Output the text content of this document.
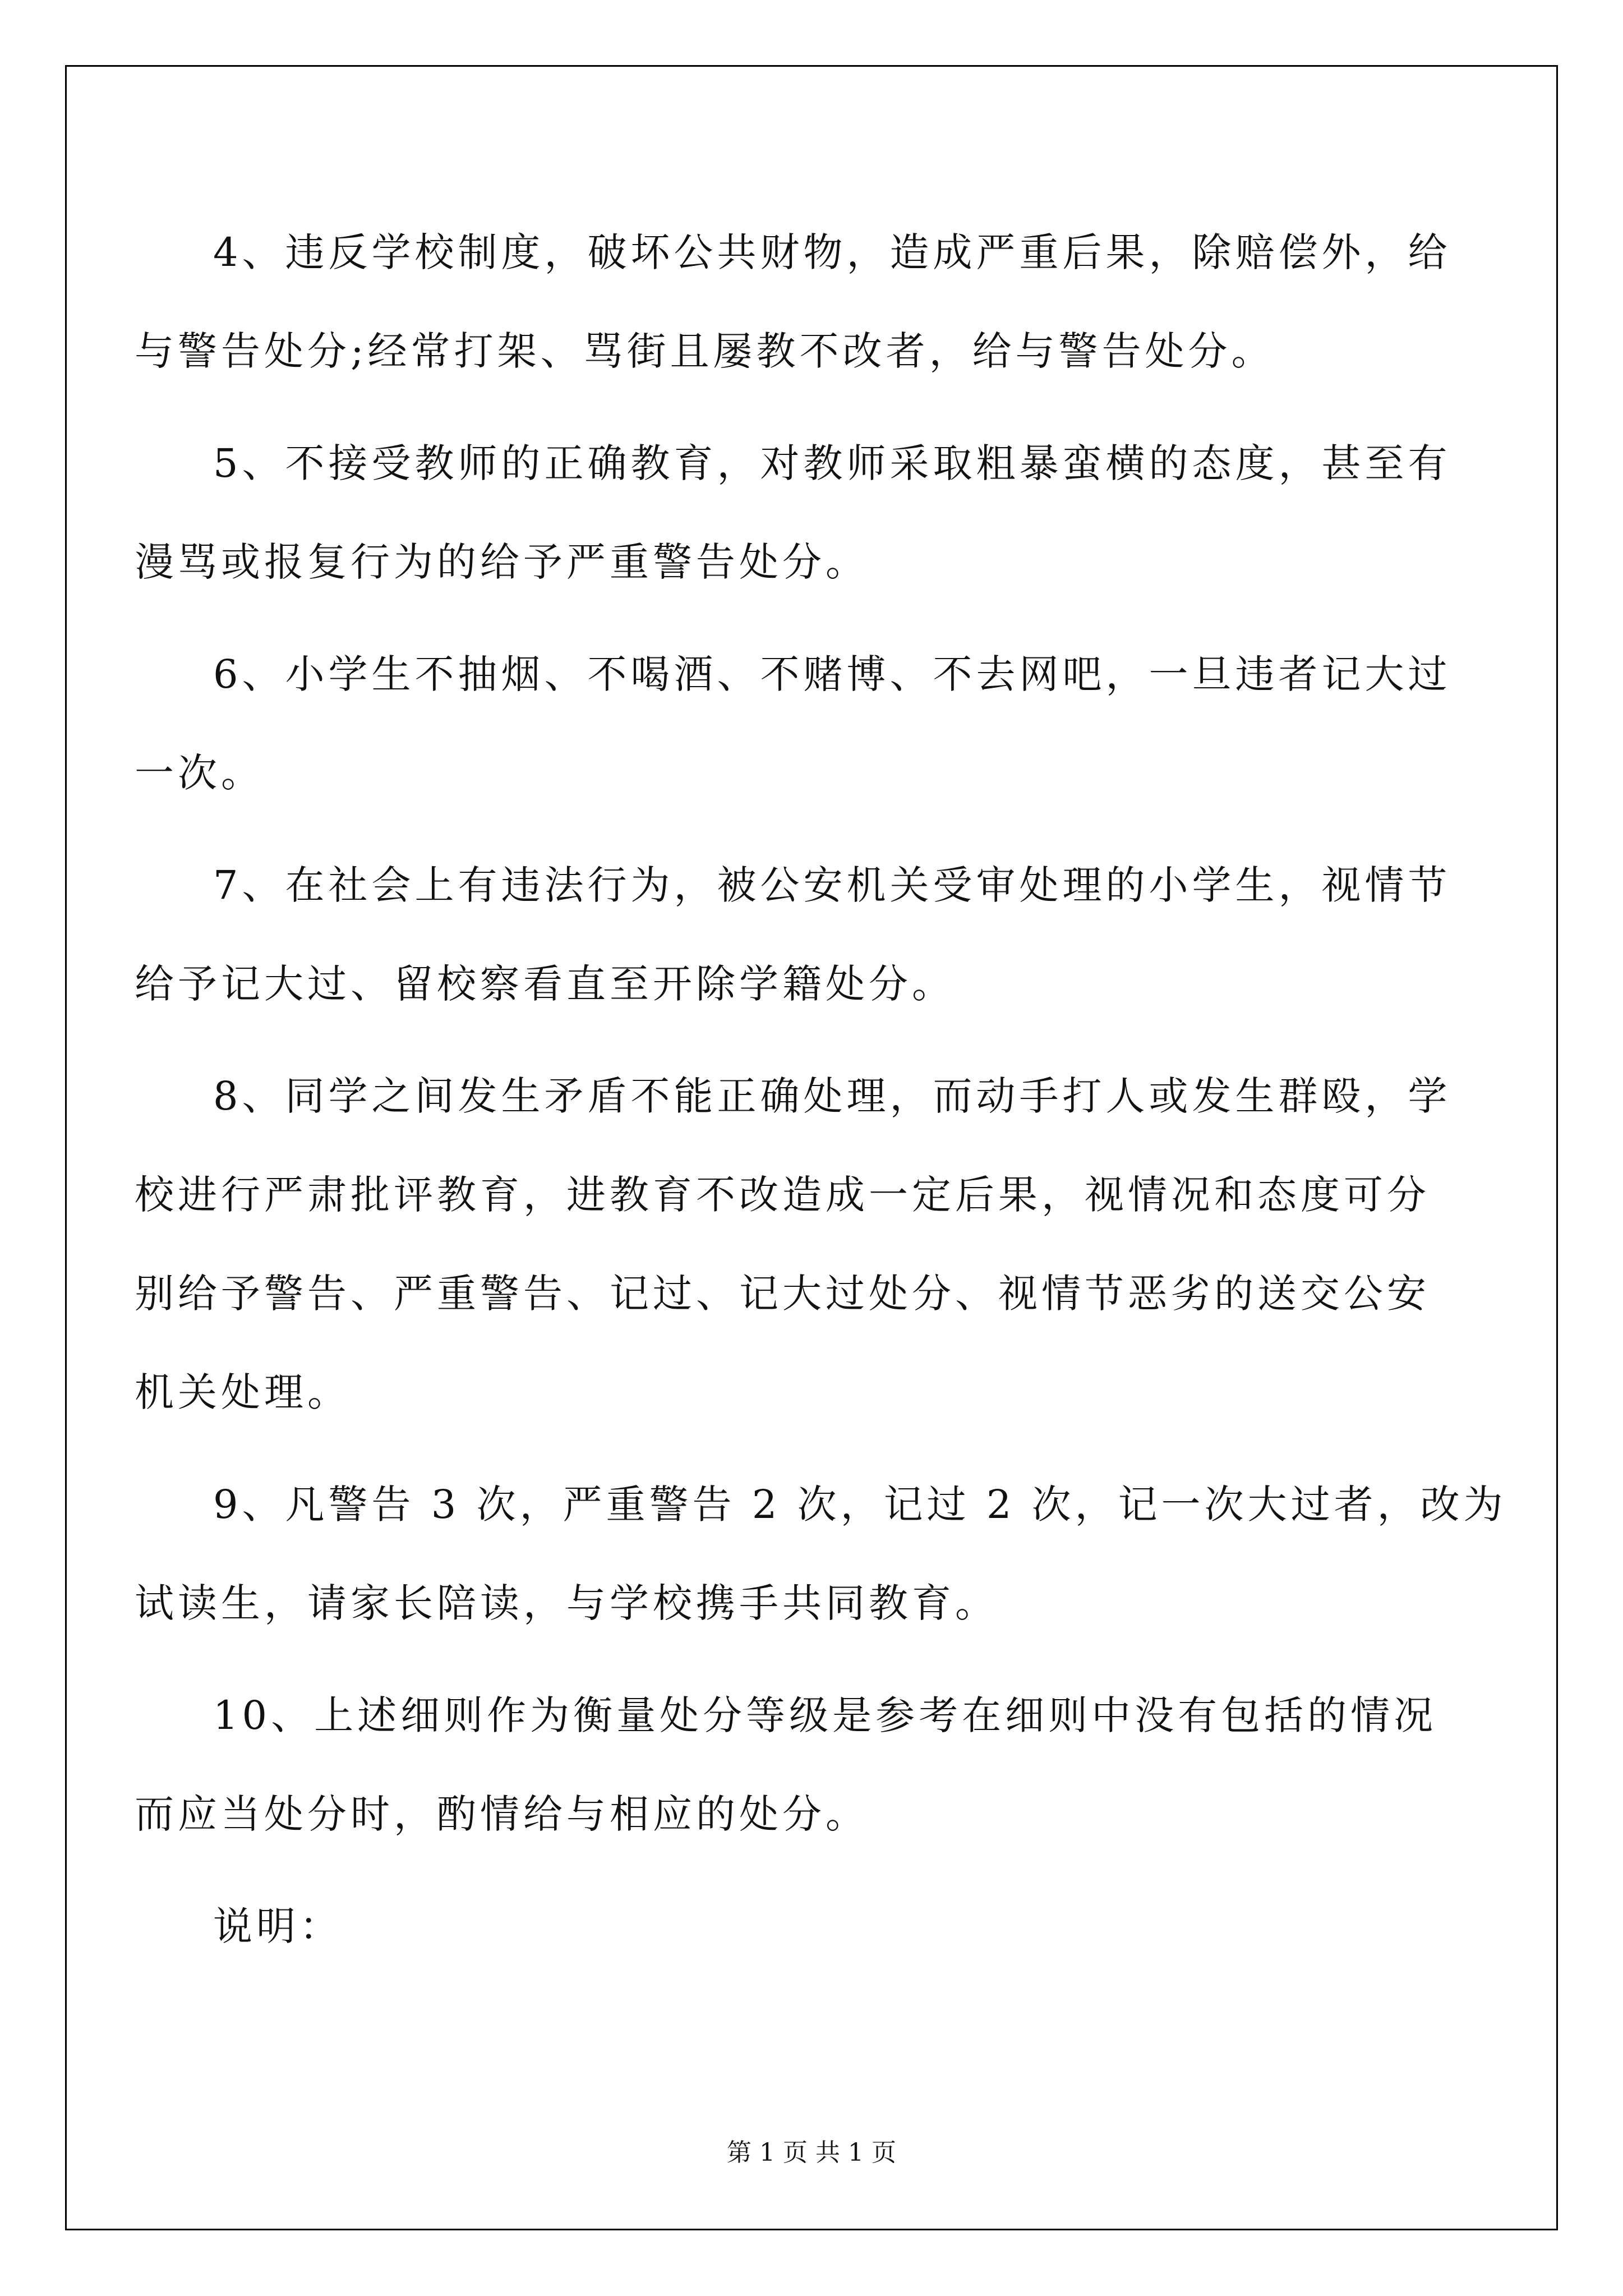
4、违反学校制度，破坏公共财物，造成严重后果，除赔偿外，给
与警告处分;经常打架、骂街且屡教不改者，给与警告处分。
5、不接受教师的正确教育，对教师采取粗暴蛮横的态度，甚至有
漫骂或报复行为的给予严重警告处分。
6、小学生不抽烟、不喝酒、不赌博、不去网吧，一旦违者记大过
一次。
7、在社会上有违法行为，被公安机关受审处理的小学生，视情节
给予记大过、留校察看直至开除学籍处分。
8、同学之间发生矛盾不能正确处理，而动手打人或发生群殴，学
校进行严肃批评教育，进教育不改造成一定后果，视情况和态度可分
别给予警告、严重警告、记过、记大过处分、视情节恶劣的送交公安
机关处理。
9、凡警告 3 次，严重警告 2 次，记过 2 次，记一次大过者，改为
试读生，请家长陪读，与学校携手共同教育。
10、上述细则作为衡量处分等级是参考在细则中没有包括的情况
而应当处分时，酌情给与相应的处分。
说明：
第 1 页 共 1 页
